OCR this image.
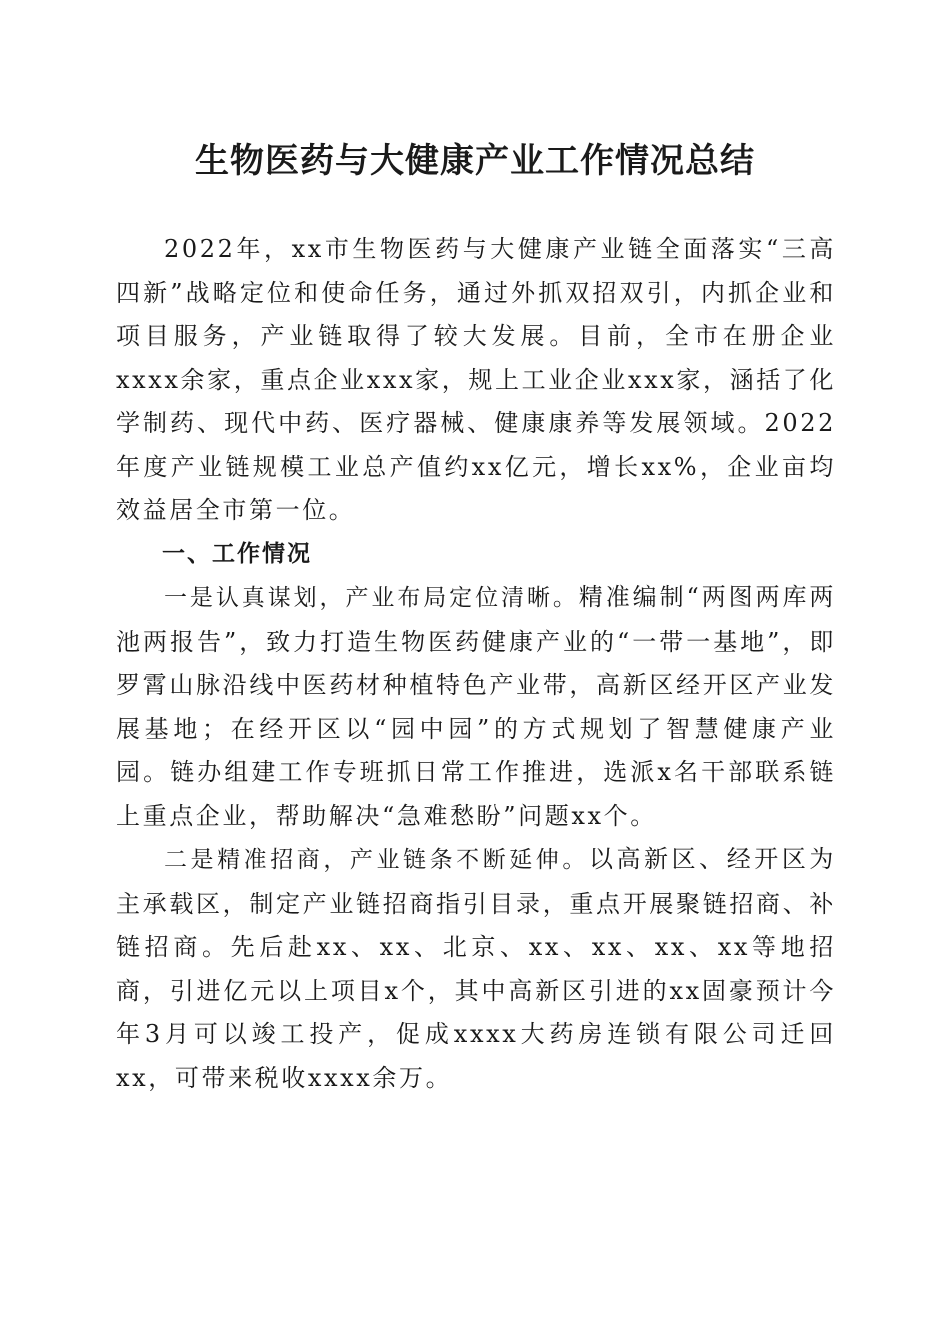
生物医药与大健康产业工作情况总结

2022年，xx市生物医药与大健康产业链全面落实“三高四新”战略定位和使命任务，通过外抓双招双引，内抓企业和项目服务，产业链取得了较大发展。目前，全市在册企业xxxx余家，重点企业xxx家，规上工业企业xxx家，涵括了化学制药、现代中药、医疗器械、健康康养等发展领域。2022年度产业链规模工业总产值约xx亿元，增长xx%，企业亩均效益居全市第一位。

一、工作情况

一是认真谋划，产业布局定位清晰。精准编制“两图两库两池两报告”，致力打造生物医药健康产业的“一带一基地”，即罗霄山脉沿线中医药材种植特色产业带，高新区经开区产业发展基地；在经开区以“园中园”的方式规划了智慧健康产业园。链办组建工作专班抓日常工作推进，选派x名干部联系链上重点企业，帮助解决“急难愁盼”问题xx个。

二是精准招商，产业链条不断延伸。以高新区、经开区为主承载区，制定产业链招商指引目录，重点开展聚链招商、补链招商。先后赴xx、xx、北京、xx、xx、xx、xx等地招商，引进亿元以上项目x个，其中高新区引进的xx固豪预计今年3月可以竣工投产，促成xxxx大药房连锁有限公司迁回xx，可带来税收xxxx余万。
